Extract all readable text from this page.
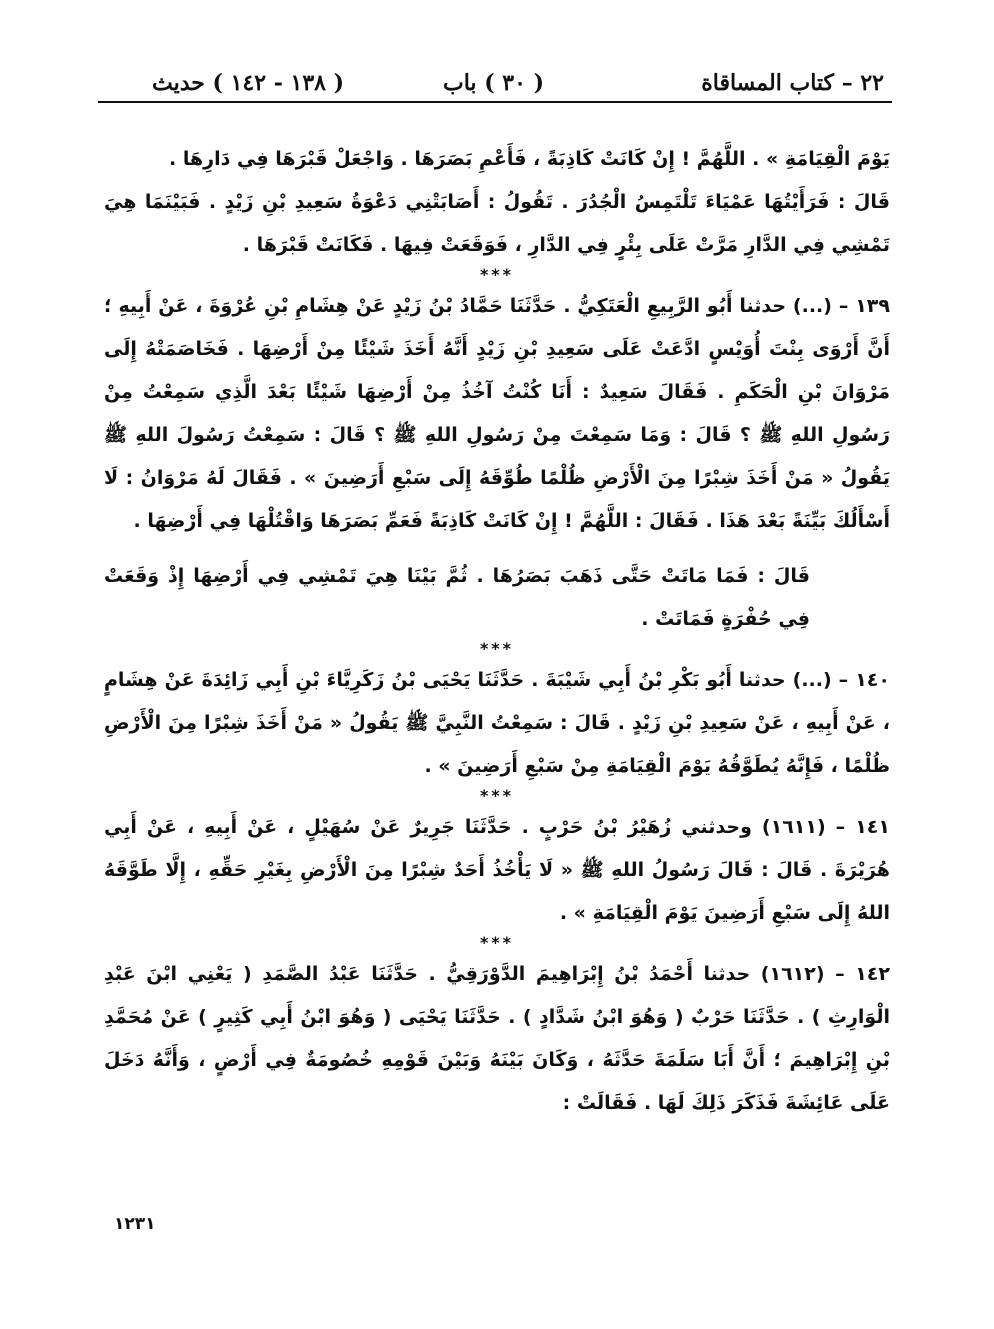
٢٢ – كتاب المساقاة
( ٣٠ ) باب
( ١٣٨ - ١٤٢ ) حديث

يَوْمَ الْقِيَامَةِ » . اللَّهُمَّ ! إِنْ كَانَتْ كَاذِبَةً ، فَأَعْمِ بَصَرَهَا . وَاجْعَلْ قَبْرَهَا فِي دَارِهَا .

قَالَ : فَرَأَيْتُهَا عَمْيَاءَ تَلْتَمِسُ الْجُدُرَ . تَقُولُ : أَصَابَتْنِي دَعْوَةُ سَعِيدِ بْنِ زَيْدٍ . فَبَيْنَمَا هِيَ تَمْشِي فِي الدَّارِ مَرَّتْ عَلَى بِئْرٍ فِي الدَّارِ ، فَوَقَعَتْ فِيهَا . فَكَانَتْ قَبْرَهَا .

***

١٣٩ – (...) حدثنا أَبُو الرَّبِيعِ الْعَتَكِيُّ . حَدَّثَنَا حَمَّادُ بْنُ زَيْدٍ عَنْ هِشَامِ بْنِ عُرْوَةَ ، عَنْ أَبِيهِ ؛ أَنَّ أَرْوَى بِنْتَ أُوَيْسٍ ادَّعَتْ عَلَى سَعِيدِ بْنِ زَيْدٍ أَنَّهُ أَخَذَ شَيْئًا مِنْ أَرْضِهَا . فَخَاصَمَتْهُ إِلَى مَرْوَانَ بْنِ الْحَكَمِ . فَقَالَ سَعِيدٌ : أَنَا كُنْتُ آخُذُ مِنْ أَرْضِهَا شَيْئًا بَعْدَ الَّذِي سَمِعْتُ مِنْ رَسُولِ اللهِ ﷺ ؟ قَالَ : وَمَا سَمِعْتَ مِنْ رَسُولِ اللهِ ﷺ ؟ قَالَ : سَمِعْتُ رَسُولَ اللهِ ﷺ يَقُولُ « مَنْ أَخَذَ شِبْرًا مِنَ الْأَرْضِ ظُلْمًا طُوِّقَهُ إِلَى سَبْعِ أَرَضِينَ » . فَقَالَ لَهُ مَرْوَانُ : لَا أَسْأَلُكَ بَيِّنَةً بَعْدَ هَذَا . فَقَالَ : اللَّهُمَّ ! إِنْ كَانَتْ كَاذِبَةً فَعَمِّ بَصَرَهَا وَاقْتُلْهَا فِي أَرْضِهَا .

قَالَ : فَمَا مَاتَتْ حَتَّى ذَهَبَ بَصَرُهَا . ثُمَّ بَيْنَا هِيَ تَمْشِي فِي أَرْضِهَا إِذْ وَقَعَتْ فِي حُفْرَةٍ فَمَاتَتْ .

***

١٤٠ – (...) حدثنا أَبُو بَكْرِ بْنُ أَبِي شَيْبَةَ . حَدَّثَنَا يَحْيَى بْنُ زَكَرِيَّاءَ بْنِ أَبِي زَائِدَةَ عَنْ هِشَامٍ ، عَنْ أَبِيهِ ، عَنْ سَعِيدِ بْنِ زَيْدٍ . قَالَ : سَمِعْتُ النَّبِيَّ ﷺ يَقُولُ « مَنْ أَخَذَ شِبْرًا مِنَ الْأَرْضِ ظُلْمًا ، فَإِنَّهُ يُطَوَّقُهُ يَوْمَ الْقِيَامَةِ مِنْ سَبْعِ أَرَضِينَ » .

***

١٤١ – (١٦١١) وحدثني زُهَيْرُ بْنُ حَرْبٍ . حَدَّثَنَا جَرِيرٌ عَنْ سُهَيْلٍ ، عَنْ أَبِيهِ ، عَنْ أَبِي هُرَيْرَةَ . قَالَ : قَالَ رَسُولُ اللهِ ﷺ « لَا يَأْخُذُ أَحَدٌ شِبْرًا مِنَ الْأَرْضِ بِغَيْرِ حَقِّهِ ، إِلَّا طَوَّقَهُ اللهُ إِلَى سَبْعِ أَرَضِينَ يَوْمَ الْقِيَامَةِ » .

***

١٤٢ – (١٦١٢) حدثنا أَحْمَدُ بْنُ إِبْرَاهِيمَ الدَّوْرَقِيُّ . حَدَّثَنَا عَبْدُ الصَّمَدِ ( يَعْنِي ابْنَ عَبْدِ الْوَارِثِ ) . حَدَّثَنَا حَرْبٌ ( وَهُوَ ابْنُ شَدَّادٍ ) . حَدَّثَنَا يَحْيَى ( وَهُوَ ابْنُ أَبِي كَثِيرٍ ) عَنْ مُحَمَّدِ بْنِ إِبْرَاهِيمَ ؛ أَنَّ أَبَا سَلَمَةَ حَدَّثَهُ ، وَكَانَ بَيْنَهُ وَبَيْنَ قَوْمِهِ خُصُومَةٌ فِي أَرْضٍ ، وَأَنَّهُ دَخَلَ عَلَى عَائِشَةَ فَذَكَرَ ذَلِكَ لَهَا . فَقَالَتْ :

١٢٣١
